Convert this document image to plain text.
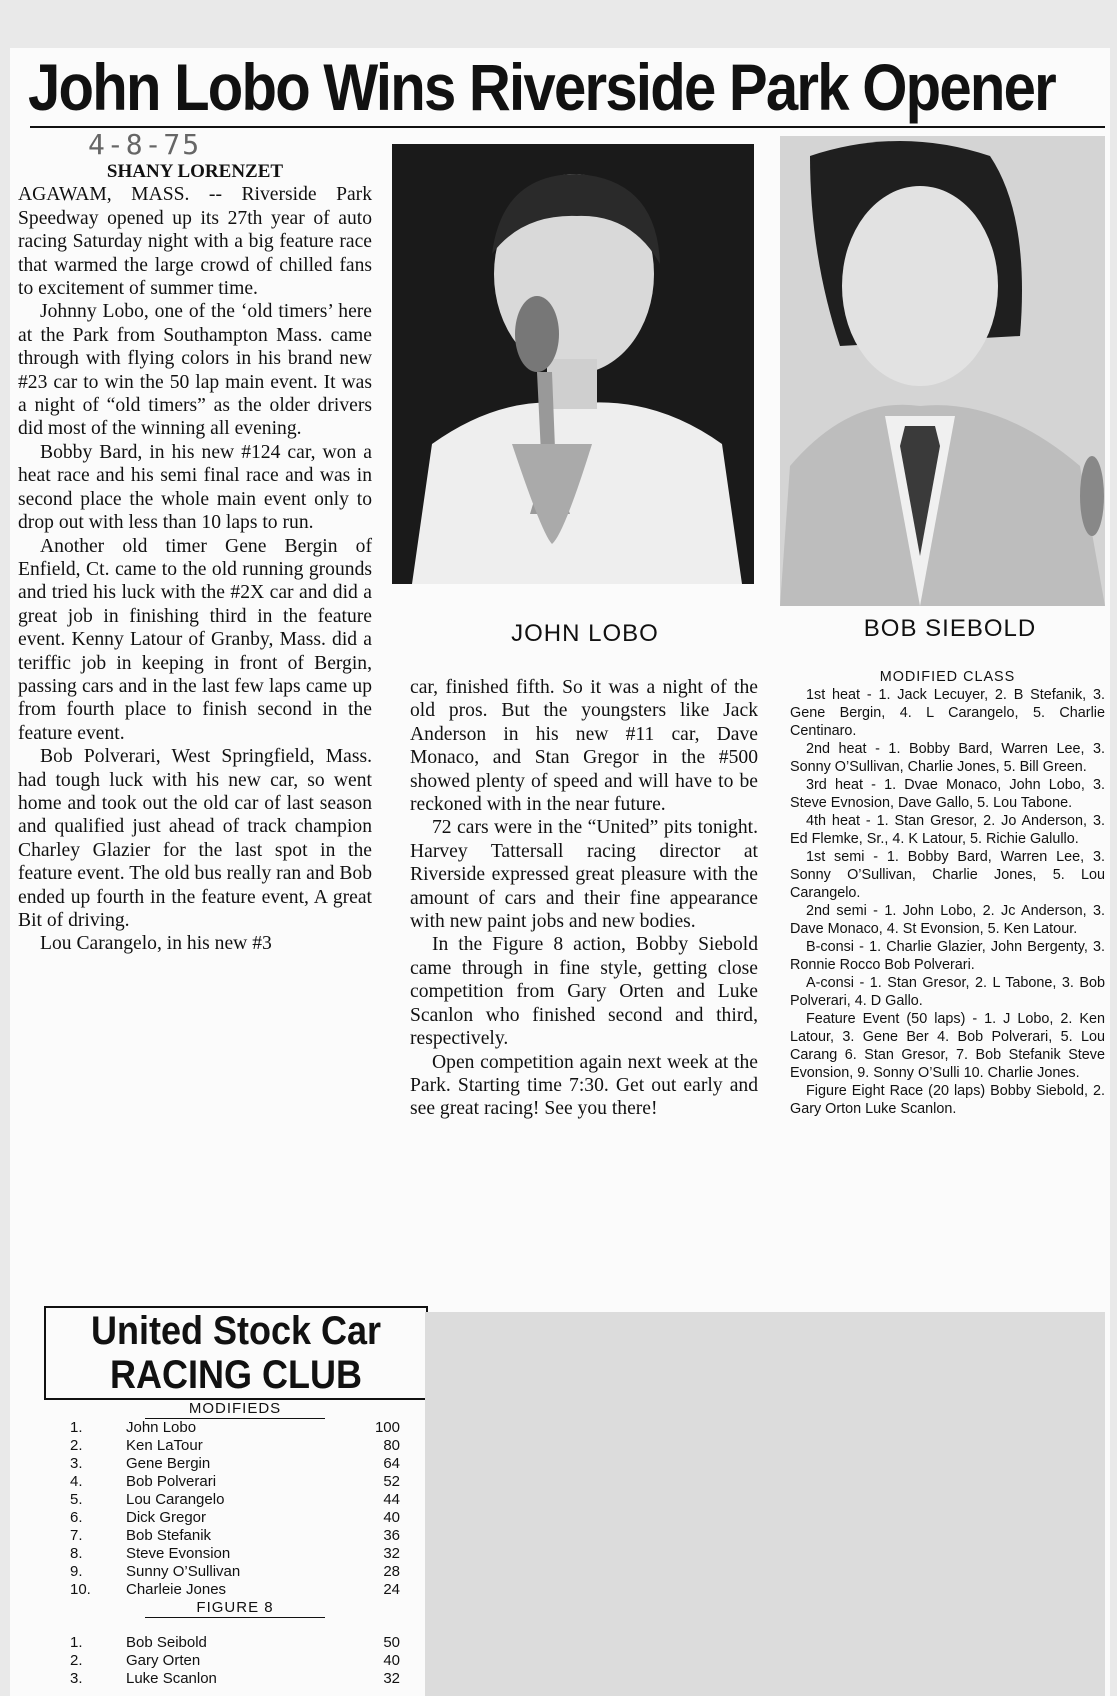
John Lobo Wins Riverside Park Opener
4-8-75

SHANY LORENZET

AGAWAM, MASS. -- Riverside Park Speedway opened up its 27th year of auto racing Saturday night with a big feature race that warmed the large crowd of chilled fans to excitement of summer time.

Johnny Lobo, one of the ‘old timers’ here at the Park from Southampton Mass. came through with flying colors in his brand new #23 car to win the 50 lap main event. It was a night of “old timers” as the older drivers did most of the winning all evening.

Bobby Bard, in his new #124 car, won a heat race and his semi final race and was in second place the whole main event only to drop out with less than 10 laps to run.

Another old timer Gene Bergin of Enfield, Ct. came to the old running grounds and tried his luck with the #2X car and did a great job in finishing third in the feature event. Kenny Latour of Granby, Mass. did a teriffic job in keeping in front of Bergin, passing cars and in the last few laps came up from fourth place to finish second in the feature event.

Bob Polverari, West Springfield, Mass. had tough luck with his new car, so went home and took out the old car of last season and qualified just ahead of track champion Charley Glazier for the last spot in the feature event. The old bus really ran and Bob ended up fourth in the feature event, A great Bit of driving.

Lou Carangelo, in his new #3

JOHN LOBO	BOB SIEBOLD

car, finished fifth. So it was a night of the old pros. But the youngsters like Jack Anderson in his new #11 car, Dave Monaco, and Stan Gregor in the #500 showed plenty of speed and will have to be reckoned with in the near future.

72 cars were in the “United” pits tonight. Harvey Tattersall racing director at Riverside expressed great pleasure with the amount of cars and their fine appearance with new paint jobs and new bodies.

In the Figure 8 action, Bobby Siebold came through in fine style, getting close competition from Gary Orten and Luke Scanlon who finished second and third, respectively.

Open competition again next week at the Park. Starting time 7:30. Get out early and see great racing! See you there!

MODIFIED CLASS

1st heat - 1. Jack Lecuyer, 2. B Stefanik, 3. Gene Bergin, 4. L Carangelo, 5. Charlie Centinaro.

2nd heat - 1. Bobby Bard, Warren Lee, 3. Sonny O’Sullivan, Charlie Jones, 5. Bill Green.

3rd heat - 1. Dvae Monaco, John Lobo, 3. Steve Evnosion, Dave Gallo, 5. Lou Tabone.

4th heat - 1. Stan Gresor, 2. Jo Anderson, 3. Ed Flemke, Sr., 4. K Latour, 5. Richie Galullo.

1st semi - 1. Bobby Bard, Warren Lee, 3. Sonny O’Sullivan, Charlie Jones, 5. Lou Carangelo.

2nd semi - 1. John Lobo, 2. Jc Anderson, 3. Dave Monaco, 4. St Evonsion, 5. Ken Latour.

B-consi - 1. Charlie Glazier, John Bergenty, 3. Ronnie Rocco Bob Polverari.

A-consi - 1. Stan Gresor, 2. L Tabone, 3. Bob Polverari, 4. D Gallo.

Feature Event (50 laps) - 1. J Lobo, 2. Ken Latour, 3. Gene Ber 4. Bob Polverari, 5. Lou Carang 6. Stan Gresor, 7. Bob Stefanik Steve Evonsion, 9. Sonny O’Sulli 10. Charlie Jones.

Figure Eight Race (20 laps) Bobby Siebold, 2. Gary Orton Luke Scanlon.

United Stock Car
RACING CLUB
MODIFIEDS
1.	John Lobo	100
2.	Ken LaTour	80
3.	Gene Bergin	64
4.	Bob Polverari	52
5.	Lou Carangelo	44
6.	Dick Gregor	40
7.	Bob Stefanik	36
8.	Steve Evonsion	32
9.	Sunny O’Sullivan	28
10.	Charleie Jones	24
FIGURE 8
1.	Bob Seibold	50
2.	Gary Orten	40
3.	Luke Scanlon	32
